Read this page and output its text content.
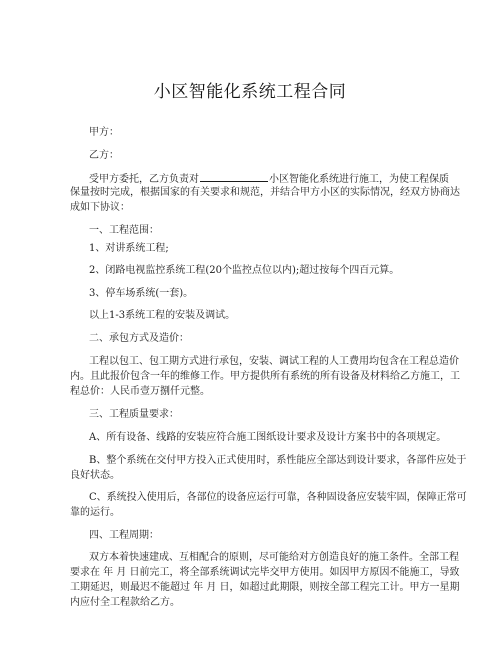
小区智能化系统工程合同
甲方：
乙方：
受甲方委托，乙方负责对	小区智能化系统进行施工，为使工程保质
保量按时完成，根据国家的有关要求和规范，并结合甲方小区的实际情况，经双方协商达
成如下协议：
一、工程范围：
1、对讲系统工程;
2、闭路电视监控系统工程(20个监控点位以内);超过按每个四百元算。
3、停车场系统(一套)。
以上1-3系统工程的安装及调试。
二、承包方式及造价：
工程以包工、包工期方式进行承包，安装、调试工程的人工费用均包含在工程总造价
内。且此报价包含一年的维修工作。甲方提供所有系统的所有设备及材料给乙方施工，工
程总价：人民币壹万捌仟元整。
三、工程质量要求：
A、所有设备、线路的安装应符合施工图纸设计要求及设计方案书中的各项规定。
B、整个系统在交付甲方投入正式使用时，系性能应全部达到设计要求，各部件应处于
良好状态。
C、系统投入使用后，各部位的设备应运行可靠，各种固设备应安装牢固，保障正常可
靠的运行。
四、工程周期：
双方本着快速建成、互相配合的原则，尽可能给对方创造良好的施工条件。全部工程
要求在 年 月 日前完工，将全部系统调试完毕交甲方使用。如因甲方原因不能施工，导致
工期延迟，则最迟不能超过 年 月 日，如超过此期限，则按全部工程完工计。甲方一星期
内应付全工程款给乙方。
